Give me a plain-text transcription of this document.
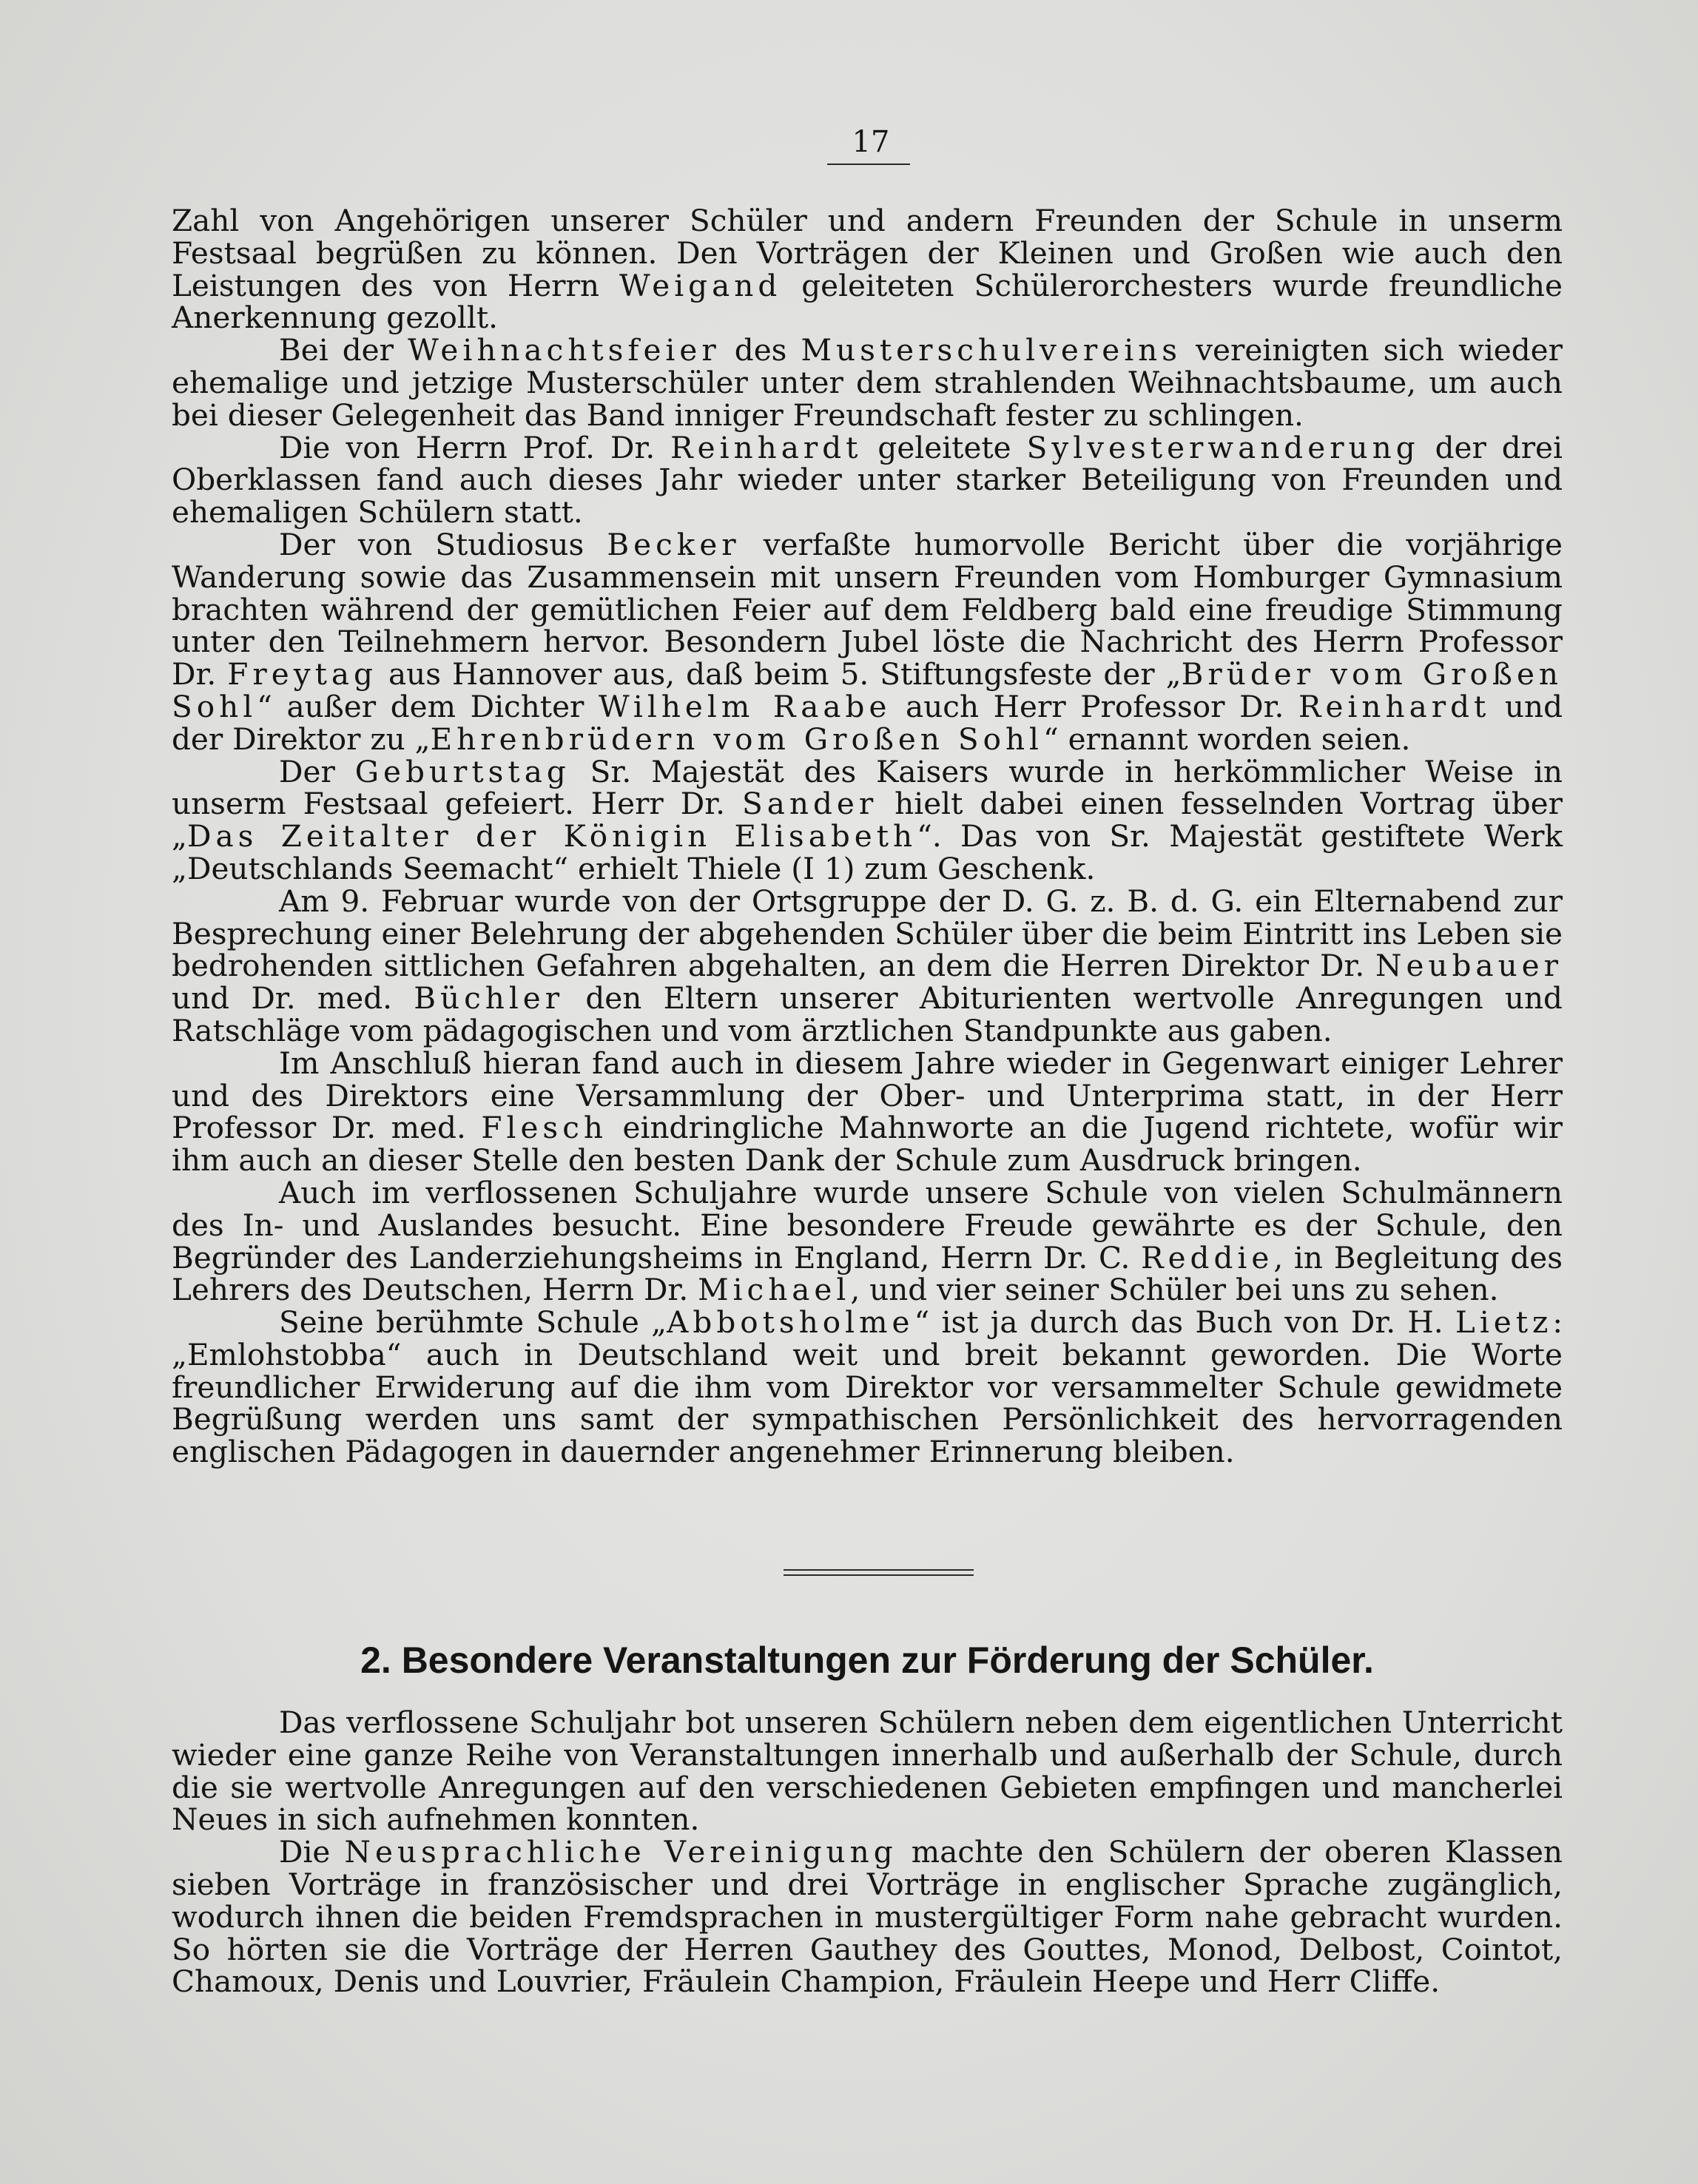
17

Zahl von Angehörigen unserer Schüler und andern Freunden der Schule in unserm Festsaal begrüßen zu können. Den Vorträgen der Kleinen und Großen wie auch den Leistungen des von Herrn Weigand geleiteten Schülerorchesters wurde freundliche Anerkennung gezollt.

Bei der Weihnachtsfeier des Musterschulvereins vereinigten sich wieder ehemalige und jetzige Musterschüler unter dem strahlenden Weihnachtsbaume, um auch bei dieser Gelegenheit das Band inniger Freundschaft fester zu schlingen.

Die von Herrn Prof. Dr. Reinhardt geleitete Sylvesterwanderung der drei Oberklassen fand auch dieses Jahr wieder unter starker Beteiligung von Freunden und ehemaligen Schülern statt.

Der von Studiosus Becker verfaßte humorvolle Bericht über die vorjährige Wanderung sowie das Zusammensein mit unsern Freunden vom Homburger Gymnasium brachten während der gemütlichen Feier auf dem Feldberg bald eine freudige Stimmung unter den Teilnehmern hervor. Besondern Jubel löste die Nachricht des Herrn Professor Dr. Freytag aus Hannover aus, daß beim 5. Stiftungsfeste der „Brüder vom Großen Sohl“ außer dem Dichter Wilhelm Raabe auch Herr Professor Dr. Reinhardt und der Direktor zu „Ehrenbrüdern vom Großen Sohl“ ernannt worden seien.

Der Geburtstag Sr. Majestät des Kaisers wurde in herkömmlicher Weise in unserm Festsaal gefeiert. Herr Dr. Sander hielt dabei einen fesselnden Vortrag über „Das Zeitalter der Königin Elisabeth“. Das von Sr. Majestät gestiftete Werk „Deutschlands Seemacht“ erhielt Thiele (I 1) zum Geschenk.

Am 9. Februar wurde von der Ortsgruppe der D. G. z. B. d. G. ein Elternabend zur Besprechung einer Belehrung der abgehenden Schüler über die beim Eintritt ins Leben sie bedrohenden sittlichen Gefahren abgehalten, an dem die Herren Direktor Dr. Neubauer und Dr. med. Büchler den Eltern unserer Abiturienten wertvolle Anregungen und Ratschläge vom pädagogischen und vom ärztlichen Standpunkte aus gaben.

Im Anschluß hieran fand auch in diesem Jahre wieder in Gegenwart einiger Lehrer und des Direktors eine Versammlung der Ober- und Unterprima statt, in der Herr Professor Dr. med. Flesch eindringliche Mahnworte an die Jugend richtete, wofür wir ihm auch an dieser Stelle den besten Dank der Schule zum Ausdruck bringen.

Auch im verflossenen Schuljahre wurde unsere Schule von vielen Schulmännern des In- und Auslandes besucht. Eine besondere Freude gewährte es der Schule, den Begründer des Landerziehungsheims in England, Herrn Dr. C. Reddie, in Begleitung des Lehrers des Deutschen, Herrn Dr. Michael, und vier seiner Schüler bei uns zu sehen.

Seine berühmte Schule „Abbotsholme“ ist ja durch das Buch von Dr. H. Lietz: „Emlohstobba“ auch in Deutschland weit und breit bekannt geworden. Die Worte freundlicher Erwiderung auf die ihm vom Direktor vor versammelter Schule gewidmete Begrüßung werden uns samt der sympathischen Persönlichkeit des hervorragenden englischen Pädagogen in dauernder angenehmer Erinnerung bleiben.

2. Besondere Veranstaltungen zur Förderung der Schüler.

Das verflossene Schuljahr bot unseren Schülern neben dem eigentlichen Unterricht wieder eine ganze Reihe von Veranstaltungen innerhalb und außerhalb der Schule, durch die sie wertvolle Anregungen auf den verschiedenen Gebieten empfingen und mancherlei Neues in sich aufnehmen konnten.

Die Neusprachliche Vereinigung machte den Schülern der oberen Klassen sieben Vorträge in französischer und drei Vorträge in englischer Sprache zugänglich, wodurch ihnen die beiden Fremdsprachen in mustergültiger Form nahe gebracht wurden. So hörten sie die Vorträge der Herren Gauthey des Gouttes, Monod, Delbost, Cointot, Chamoux, Denis und Louvrier, Fräulein Champion, Fräulein Heepe und Herr Cliffe.
